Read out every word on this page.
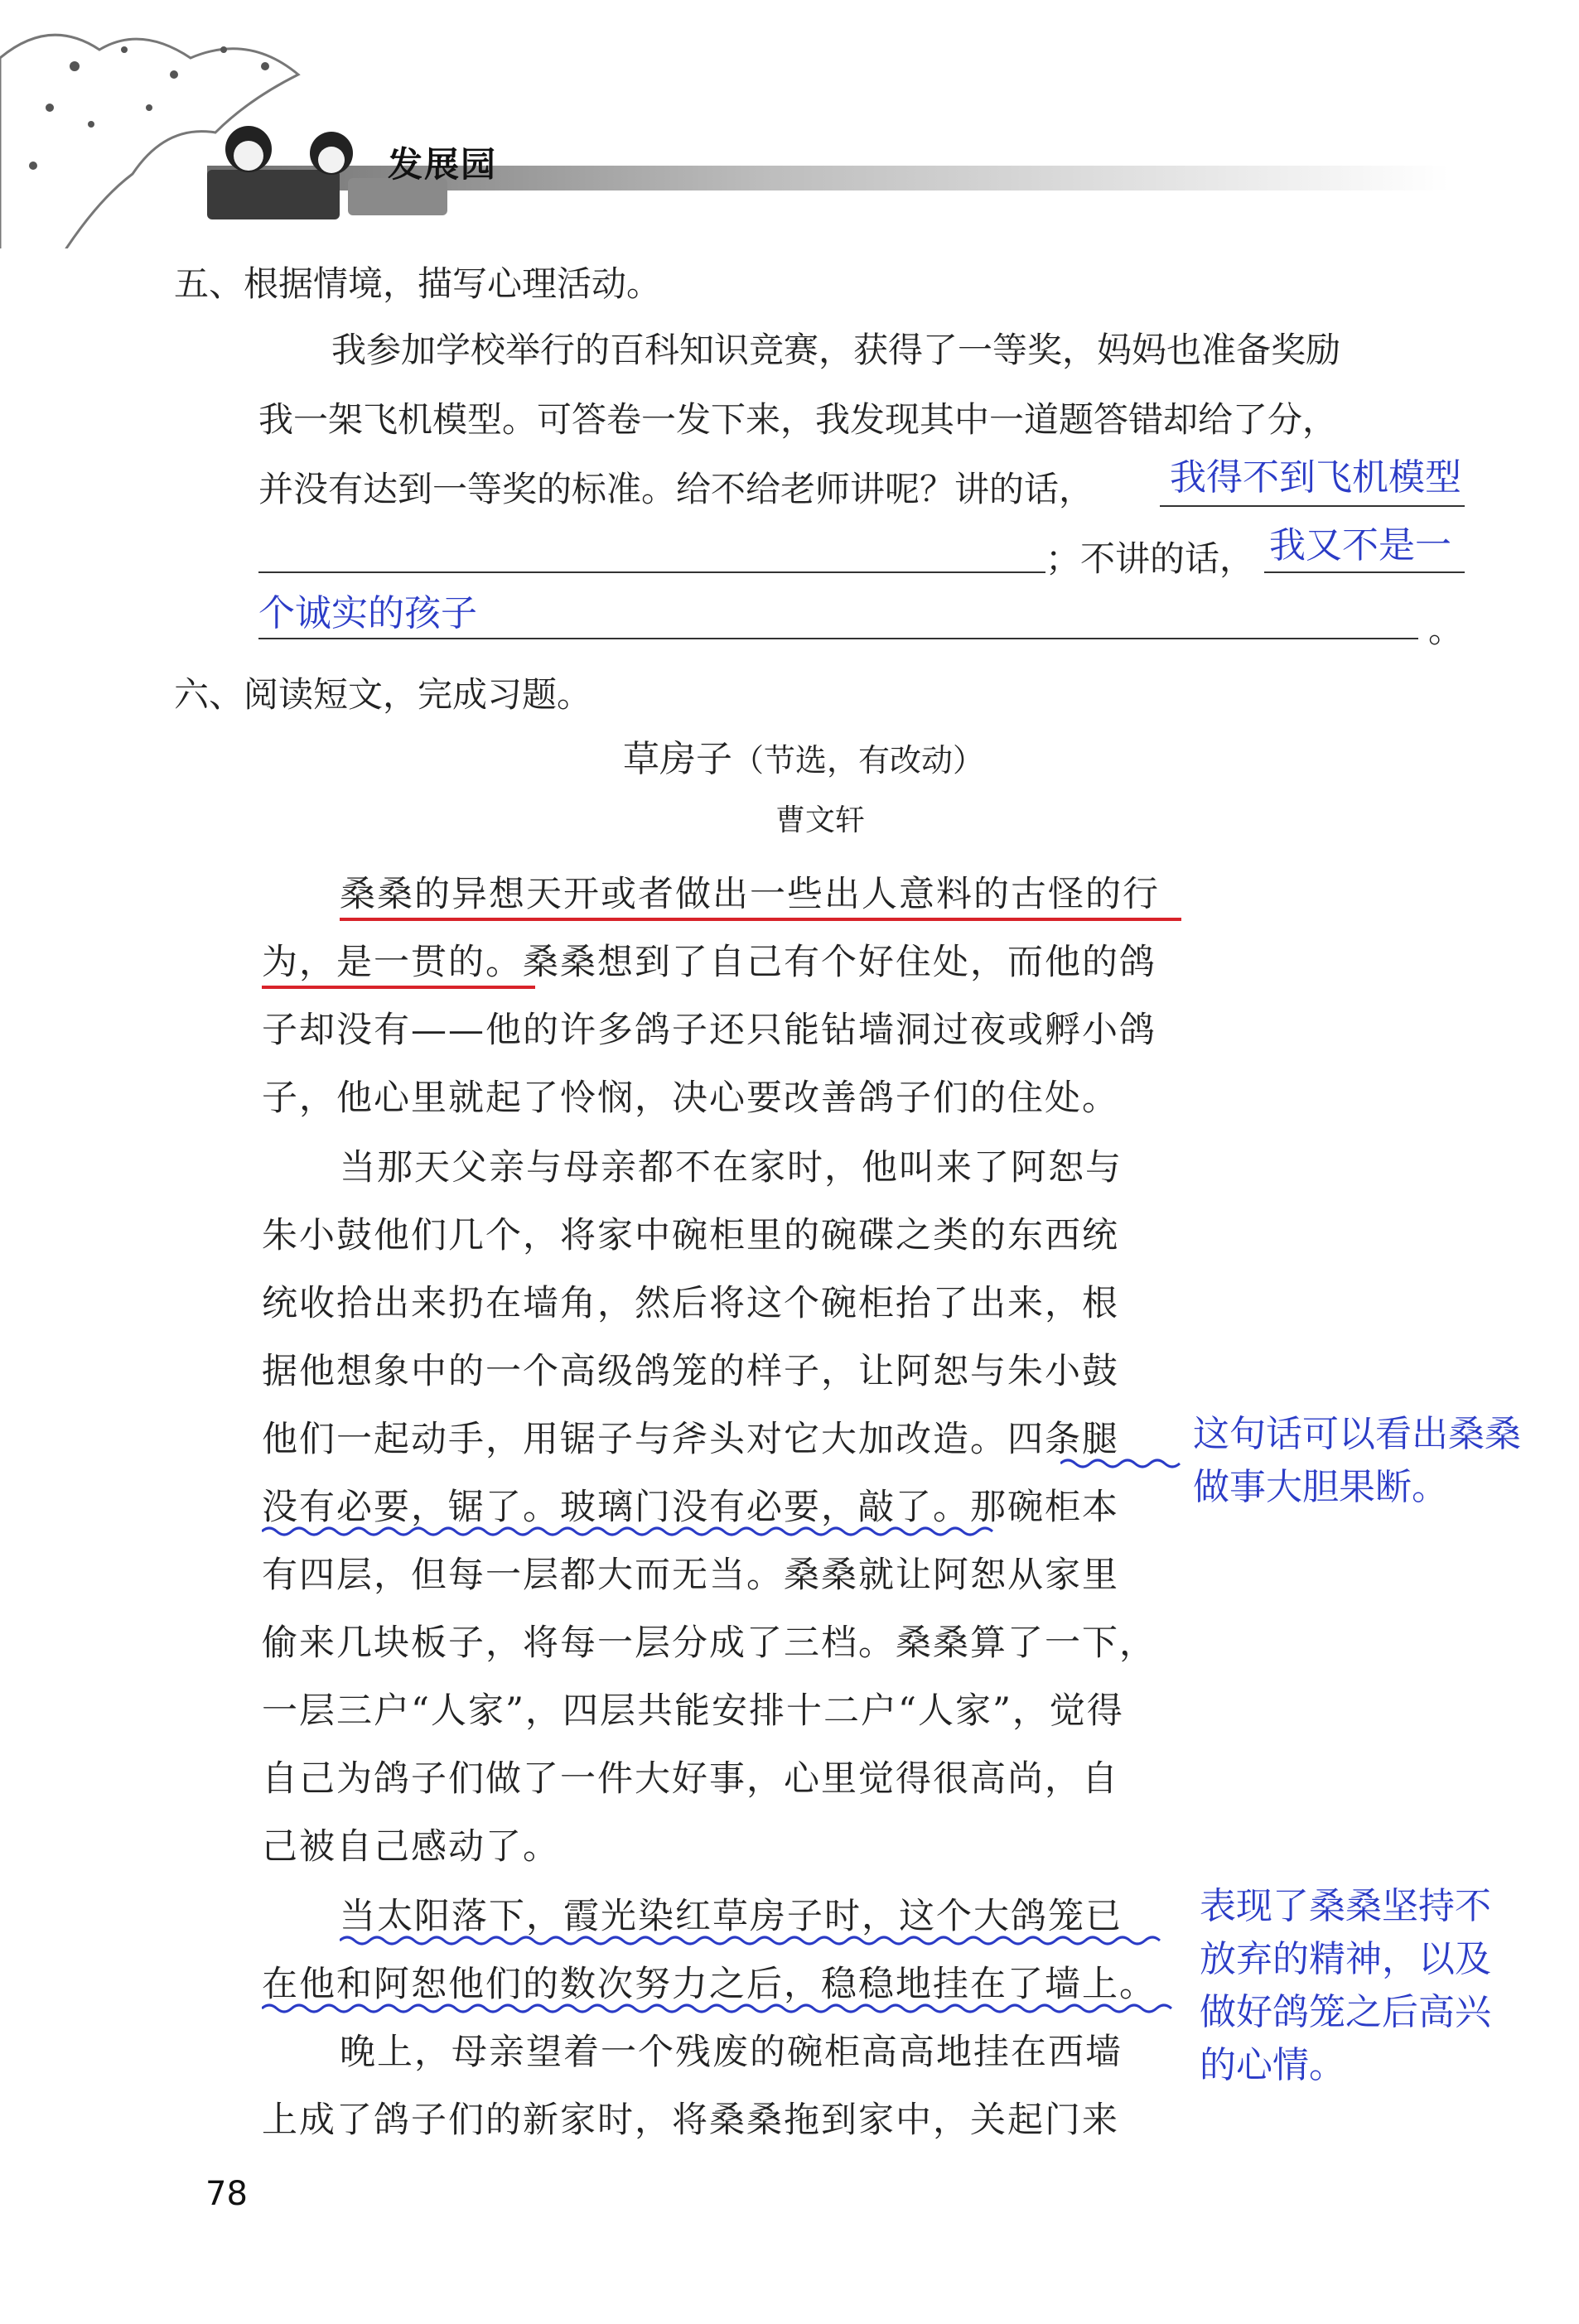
发展园
五、根据情境，描写心理活动。
我参加学校举行的百科知识竞赛，获得了一等奖，妈妈也准备奖励
我一架飞机模型。可答卷一发下来，我发现其中一道题答错却给了分，
并没有达到一等奖的标准。给不给老师讲呢？讲的话， 我得不到飞机模型
；不讲的话， 我又不是一
个诚实的孩子	。
六、阅读短文，完成习题。
草房子（节选，有改动）
曹文轩
桑桑的异想天开或者做出一些出人意料的古怪的行
为，是一贯的。桑桑想到了自己有个好住处，而他的鸽
子却没有——他的许多鸽子还只能钻墙洞过夜或孵小鸽
子，他心里就起了怜悯，决心要改善鸽子们的住处。
当那天父亲与母亲都不在家时，他叫来了阿恕与
朱小鼓他们几个，将家中碗柜里的碗碟之类的东西统
统收拾出来扔在墙角，然后将这个碗柜抬了出来，根
据他想象中的一个高级鸽笼的样子，让阿恕与朱小鼓
他们一起动手，用锯子与斧头对它大加改造。四条腿
没有必要，锯了。玻璃门没有必要，敲了。那碗柜本
有四层，但每一层都大而无当。桑桑就让阿恕从家里
偷来几块板子，将每一层分成了三档。桑桑算了一下，
一层三户“人家”，四层共能安排十二户“人家”，觉得
自己为鸽子们做了一件大好事，心里觉得很高尚，自
己被自己感动了。
当太阳落下，霞光染红草房子时，这个大鸽笼已
在他和阿恕他们的数次努力之后，稳稳地挂在了墙上。
晚上，母亲望着一个残废的碗柜高高地挂在西墙
上成了鸽子们的新家时，将桑桑拖到家中，关起门来
这句话可以看出桑桑
做事大胆果断。
表现了桑桑坚持不
放弃的精神，以及
做好鸽笼之后高兴
的心情。
78
